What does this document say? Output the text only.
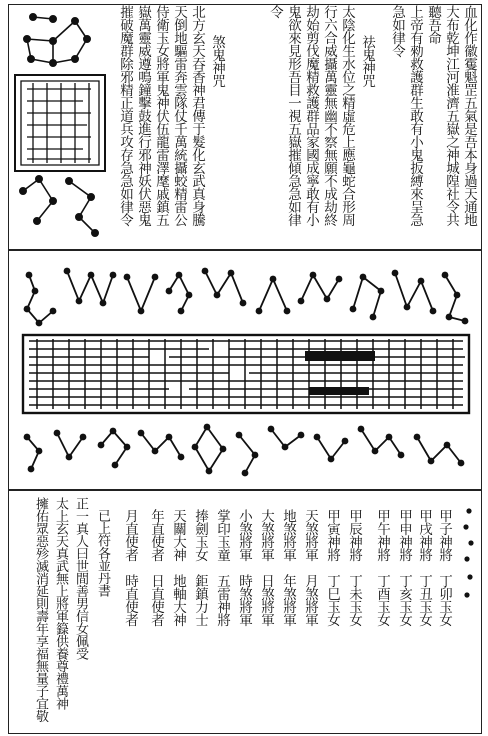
血化作徽䨥魁罡五氣是吾本身過天通地
大布乾坤江河淮濟五嶽之神城隍社令共
聽吾命
上帝有勑救護群生敢有小鬼扳縛來呈急
急如律令
祛鬼神咒
太陰化生水位之精虛危上應龜蛇合形周
行六合威攝萬靈無幽不察無願不成劫終
劫始剪伐魔精救護群品家國成寧敢有小
鬼欲來見形吾目一視五嶽摧傾急急如律
令
煞鬼神咒
北方玄天吞香神君傳于髮化玄武真身騰
天倒地驅雷奔雲隊仗千萬統攝蛟精雷公
侍衛玉女將軍鬼神伏伍龍雷澤麾戚鎮五
嶽萬靈威遵鳴鐘擊鼓進行邪神妖伏惡鬼
摧破魔群除邪精正道兵攻存急急如律令
甲子神將　丁卯玉女
甲戌神將　丁丑玉女
甲申神將　丁亥玉女
甲午神將　丁酉玉女
甲辰神將　丁未玉女
甲寅神將　丁巳玉女
天煞將軍　月煞將軍
地煞將軍　年煞將軍
大煞將軍　日煞將軍
小煞將軍　時煞將軍
掌印玉童　五雷神將
捧劍玉女　鉅鎮力士
天關大神　地軸大神
年直使者　日直使者
月直使者　時直使者
已上符各並丹書
正一真人曰世間善男信女佩受
太上玄天真武無上將軍籙供養尊禮萬神
擁佑眾惡殄滅消延則壽年享福無量子宜敬
